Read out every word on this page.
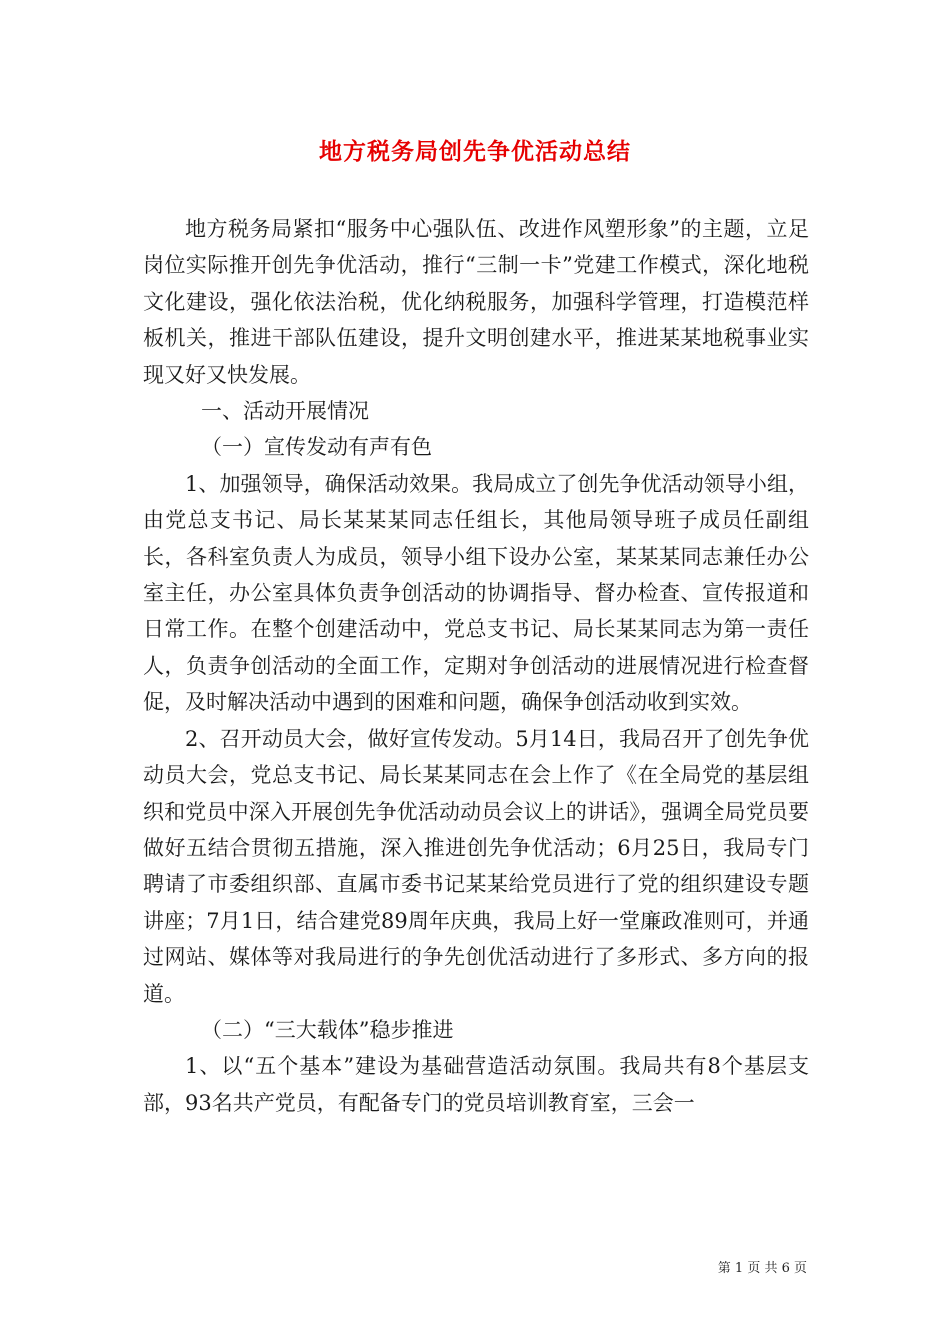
地方税务局创先争优活动总结

地方税务局紧扣“服务中心强队伍、改进作风塑形象”的主题，立足岗位实际推开创先争优活动，推行“三制一卡”党建工作模式，深化地税文化建设，强化依法治税，优化纳税服务，加强科学管理，打造模范样板机关，推进干部队伍建设，提升文明创建水平，推进某某地税事业实现又好又快发展。

一、活动开展情况

（一）宣传发动有声有色

1、加强领导，确保活动效果。我局成立了创先争优活动领导小组，由党总支书记、局长某某某同志任组长，其他局领导班子成员任副组长，各科室负责人为成员，领导小组下设办公室，某某某同志兼任办公室主任，办公室具体负责争创活动的协调指导、督办检查、宣传报道和日常工作。在整个创建活动中，党总支书记、局长某某同志为第一责任人，负责争创活动的全面工作，定期对争创活动的进展情况进行检查督促，及时解决活动中遇到的困难和问题，确保争创活动收到实效。

2、召开动员大会，做好宣传发动。5月14日，我局召开了创先争优动员大会，党总支书记、局长某某同志在会上作了《在全局党的基层组织和党员中深入开展创先争优活动动员会议上的讲话》，强调全局党员要做好五结合贯彻五措施，深入推进创先争优活动；6月25日，我局专门聘请了市委组织部、直属市委书记某某给党员进行了党的组织建设专题讲座；7月1日，结合建党89周年庆典，我局上好一堂廉政准则可，并通过网站、媒体等对我局进行的争先创优活动进行了多形式、多方向的报道。

（二）“三大载体”稳步推进

1、以“五个基本”建设为基础营造活动氛围。我局共有8个基层支部，93名共产党员，有配备专门的党员培训教育室，三会一

第 1 页 共 6 页
